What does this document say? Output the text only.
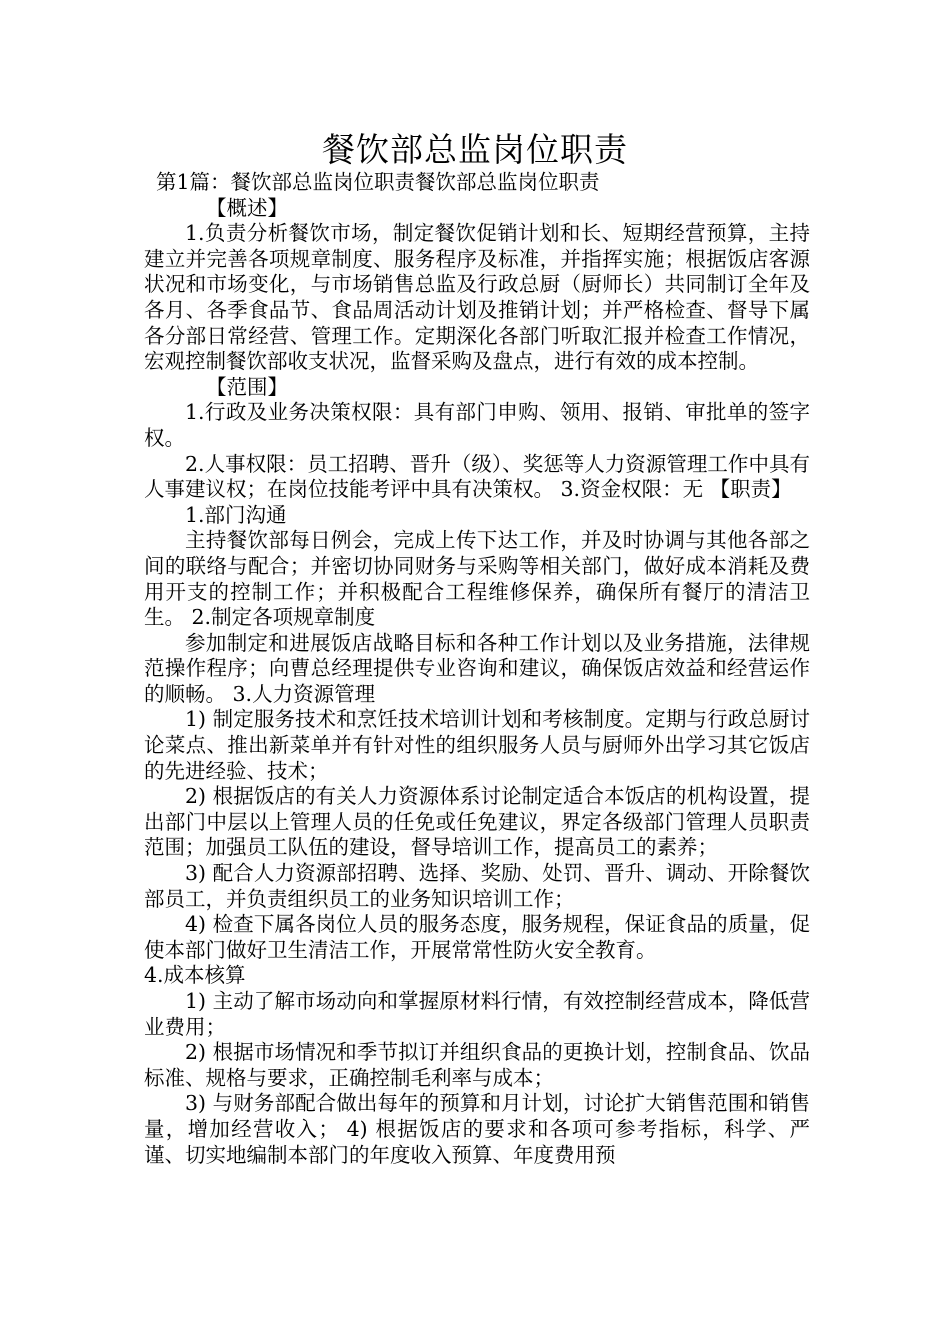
餐饮部总监岗位职责

第1篇：餐饮部总监岗位职责餐饮部总监岗位职责

【概述】

1.负责分析餐饮市场，制定餐饮促销计划和长、短期经营预算，主持建立并完善各项规章制度、服务程序及标准，并指挥实施；根据饭店客源状况和市场变化，与市场销售总监及行政总厨（厨师长）共同制订全年及各月、各季食品节、食品周活动计划及推销计划；并严格检查、督导下属各分部日常经营、管理工作。定期深化各部门听取汇报并检查工作情况，宏观控制餐饮部收支状况，监督采购及盘点，进行有效的成本控制。

【范围】

1.行政及业务决策权限：具有部门申购、领用、报销、审批单的签字权。

2.人事权限：员工招聘、晋升（级）、奖惩等人力资源管理工作中具有人事建议权；在岗位技能考评中具有决策权。 3.资金权限：无 【职责】

1.部门沟通

主持餐饮部每日例会，完成上传下达工作，并及时协调与其他各部之间的联络与配合；并密切协同财务与采购等相关部门，做好成本消耗及费用开支的控制工作；并积极配合工程维修保养，确保所有餐厅的清洁卫生。 2.制定各项规章制度

参加制定和进展饭店战略目标和各种工作计划以及业务措施，法律规范操作程序；向曹总经理提供专业咨询和建议，确保饭店效益和经营运作的顺畅。 3.人力资源管理

1) 制定服务技术和烹饪技术培训计划和考核制度。定期与行政总厨讨论菜点、推出新菜单并有针对性的组织服务人员与厨师外出学习其它饭店的先进经验、技术；

2) 根据饭店的有关人力资源体系讨论制定适合本饭店的机构设置，提出部门中层以上管理人员的任免或任免建议，界定各级部门管理人员职责范围；加强员工队伍的建设，督导培训工作，提高员工的素养；

3) 配合人力资源部招聘、选择、奖励、处罚、晋升、调动、开除餐饮部员工，并负责组织员工的业务知识培训工作；

4) 检查下属各岗位人员的服务态度，服务规程，保证食品的质量，促使本部门做好卫生清洁工作，开展常常性防火安全教育。

4.成本核算

1) 主动了解市场动向和掌握原材料行情，有效控制经营成本，降低营业费用；

2) 根据市场情况和季节拟订并组织食品的更换计划，控制食品、饮品标准、规格与要求，正确控制毛利率与成本；

3) 与财务部配合做出每年的预算和月计划，讨论扩大销售范围和销售量，增加经营收入； 4) 根据饭店的要求和各项可参考指标，科学、严谨、切实地编制本部门的年度收入预算、年度费用预
